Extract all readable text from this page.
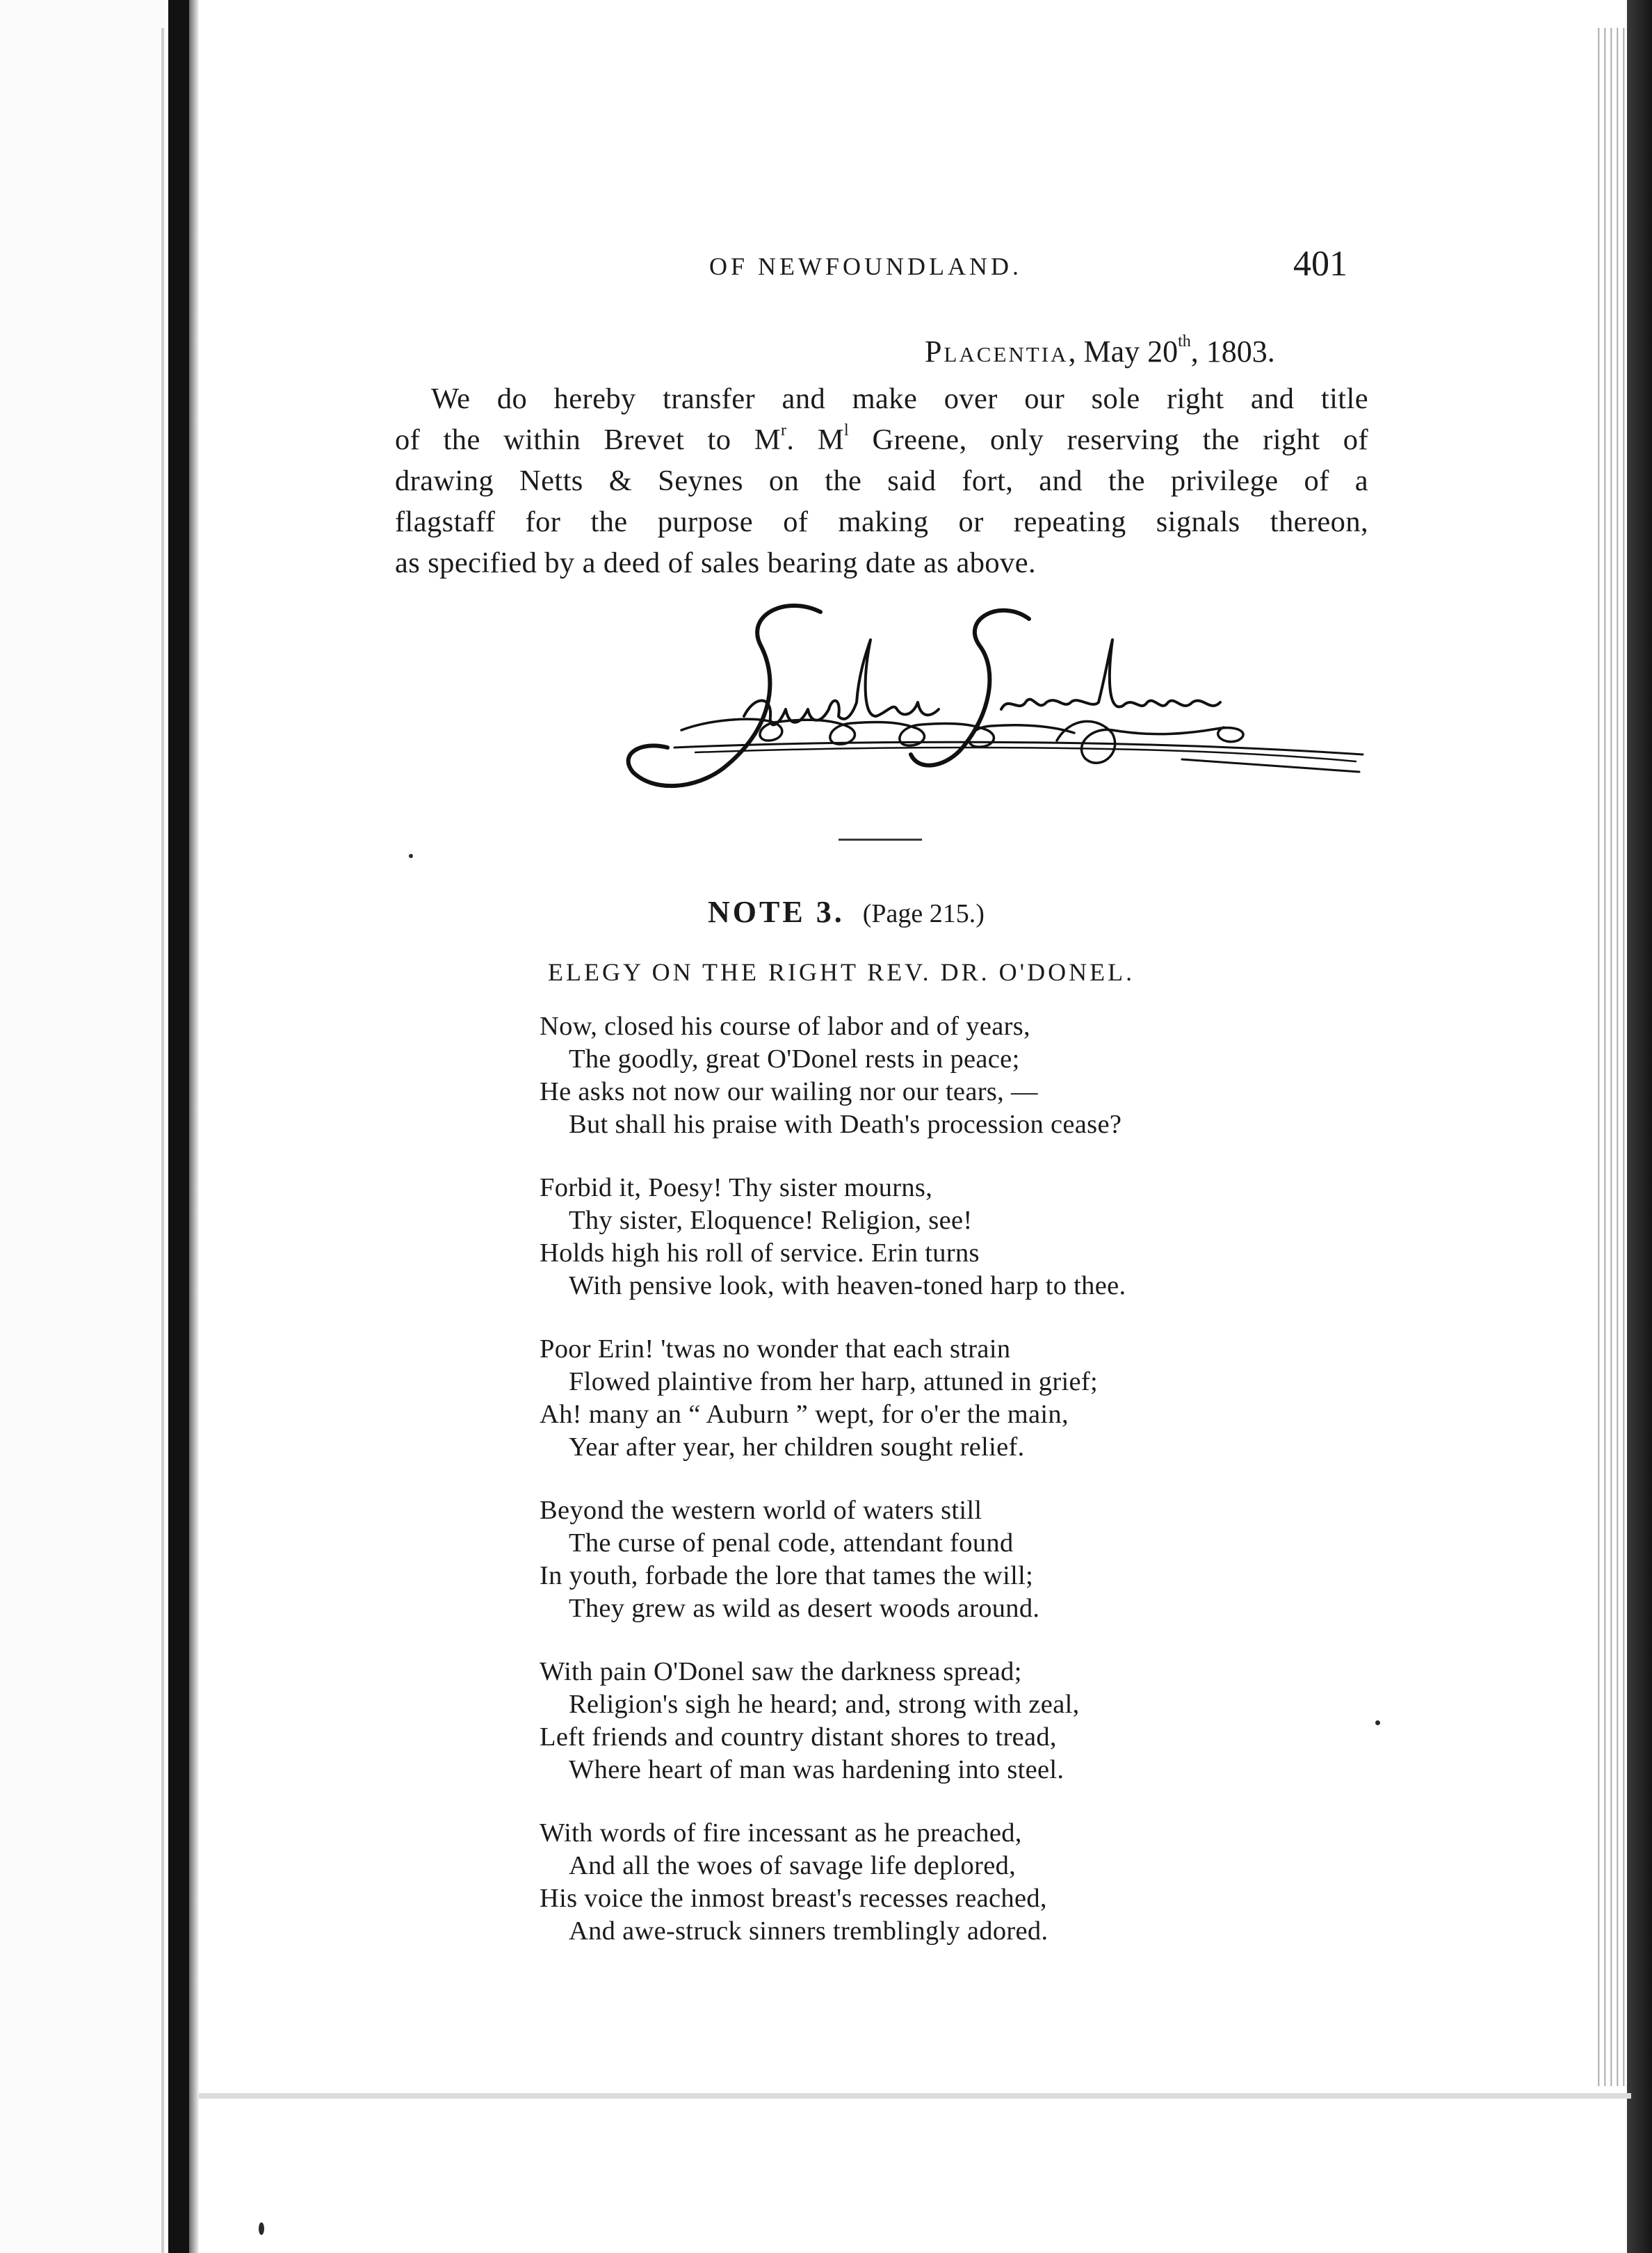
OF NEWFOUNDLAND.	401
Placentia, May 20th, 1803.
We do hereby transfer and make over our sole right and title
of the within Brevet to $M^r$. $M^l$ Greene, only reserving the right of
drawing Netts & Seynes on the said fort, and the privilege of a
flagstaff for the purpose of making or repeating signals thereon,
as specified by a deed of sales bearing date as above.
NOTE 3. (Page 215.)
ELEGY ON THE RIGHT REV. DR. O'DONEL.
Now, closed his course of labor and of years,
The goodly, great O'Donel rests in peace;
He asks not now our wailing nor our tears, —
But shall his praise with Death's procession cease?
Forbid it, Poesy! Thy sister mourns,
Thy sister, Eloquence! Religion, see!
Holds high his roll of service. Erin turns
With pensive look, with heaven-toned harp to thee.
Poor Erin! 'twas no wonder that each strain
Flowed plaintive from her harp, attuned in grief;
Ah! many an “ Auburn ” wept, for o'er the main,
Year after year, her children sought relief.
Beyond the western world of waters still
The curse of penal code, attendant found
In youth, forbade the lore that tames the will;
They grew as wild as desert woods around.
With pain O'Donel saw the darkness spread;
Religion's sigh he heard; and, strong with zeal,
Left friends and country distant shores to tread,
Where heart of man was hardening into steel.
With words of fire incessant as he preached,
And all the woes of savage life deplored,
His voice the inmost breast's recesses reached,
And awe-struck sinners tremblingly adored.
